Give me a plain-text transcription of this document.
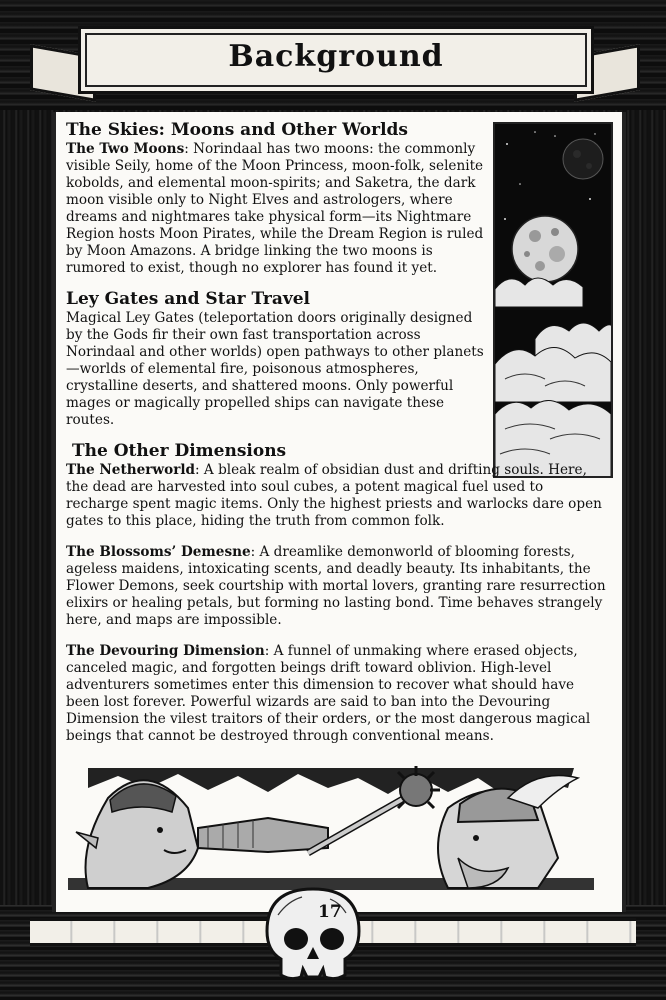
Background
The Skies: Moons and Other Worlds

The Two Moons: Norindaal has two moons: the commonly visible Seily, home of the Moon Princess, moon-folk, selenite kobolds, and elemental moon-spirits; and Saketra, the dark moon visible only to Night Elves and astrologers, where dreams and nightmares take physical form—its Nightmare Region hosts Moon Pirates, while the Dream Region is ruled by Moon Amazons. A bridge linking the two moons is rumored to exist, though no explorer has found it yet.

Ley Gates and Star Travel

Magical Ley Gates (teleportation doors originally designed by the Gods fir their own fast transportation across Norindaal and other worlds) open pathways to other planets—worlds of elemental fire, poisonous atmospheres, crystalline deserts, and shattered moons. Only powerful mages or magically propelled ships can navigate these routes.

The Other Dimensions

The Netherworld: A bleak realm of obsidian dust and drifting souls. Here, the dead are harvested into soul cubes, a potent magical fuel used to recharge spent magic items. Only the highest priests and warlocks dare open gates to this place, hiding the truth from common folk.

The Blossoms’ Demesne: A dreamlike demonworld of blooming forests, ageless maidens, intoxicating scents, and deadly beauty. Its inhabitants, the Flower Demons, seek courtship with mortal lovers, granting rare resurrection elixirs or healing petals, but forming no lasting bond. Time behaves strangely here, and maps are impossible.

The Devouring Dimension: A funnel of unmaking where erased objects, canceled magic, and forgotten beings drift toward oblivion. High-level adventurers sometimes enter this dimension to recover what should have been lost forever. Powerful wizards are said to ban into the Devouring Dimension the vilest traitors of their orders, or the most dangerous magical beings that cannot be destroyed through conventional means.

17
